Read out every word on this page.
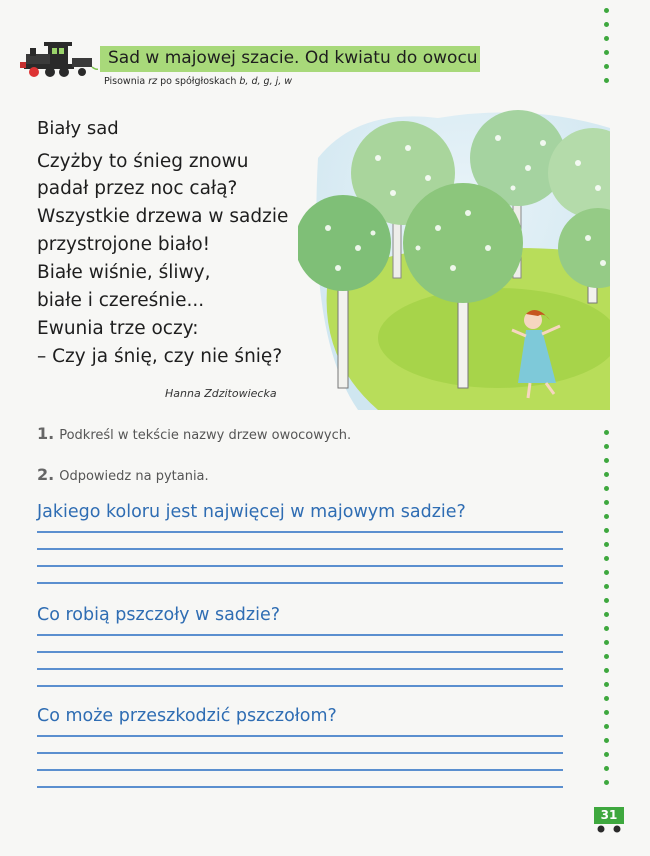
Sad w majowej szacie. Od kwiatu do owocu
Pisownia rz po spółgłoskach b, d, g, j, w
Biały sad
Czyżby to śnieg znowu
padał przez noc całą?
Wszystkie drzewa w sadzie
przystrojone biało!
Białe wiśnie, śliwy,
białe i czereśnie...
Ewunia trze oczy:
– Czy ja śnię, czy nie śnię?
Hanna Zdzitowiecka
1. Podkreśl w tekście nazwy drzew owocowych.
2. Odpowiedz na pytania.
Jakiego koloru jest najwięcej w majowym sadzie?
Co robią pszczoły w sadzie?
Co może przeszkodzić pszczołom?
31
